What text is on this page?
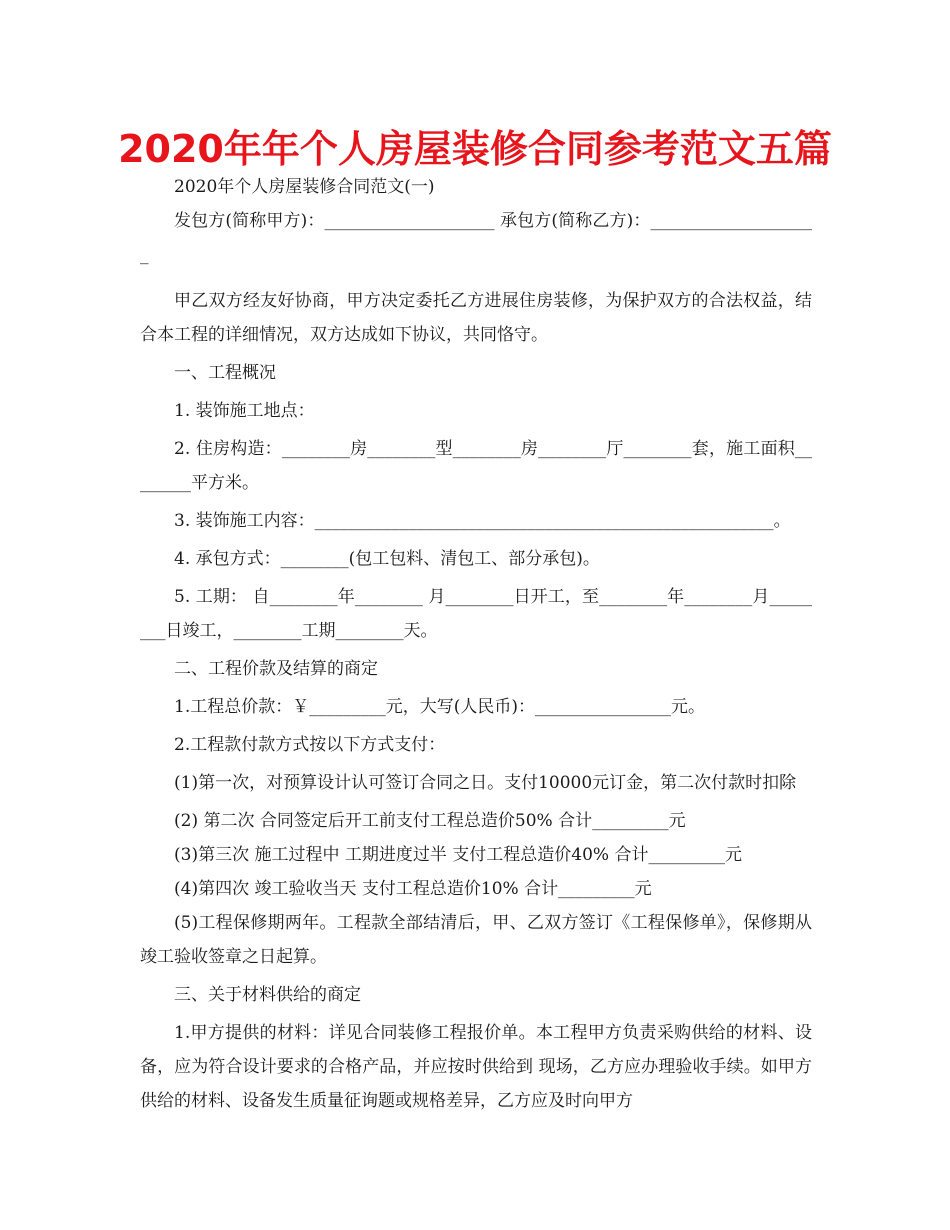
2020年年个人房屋装修合同参考范文五篇

2020年个人房屋装修合同范文(一)

发包方(简称甲方)：____________________ 承包方(简称乙方)：____________________

甲乙双方经友好协商，甲方决定委托乙方进展住房装修，为保护双方的合法权益，结合本工程的详细情况，双方达成如下协议，共同恪守。

一、工程概况

1. 装饰施工地点：

2. 住房构造：________房________型________房________厅________套，施工面积________平方米。

3. 装饰施工内容：______________________________________________________。

4. 承包方式：________(包工包料、清包工、部分承包)。

5. 工期： 自________年________ 月________日开工，至________年________月________日竣工，________工期________天。

二、工程价款及结算的商定

1.工程总价款：￥_________元，大写(人民币)：________________元。

2.工程款付款方式按以下方式支付：

(1)第一次，对预算设计认可签订合同之日。支付10000元订金，第二次付款时扣除

(2) 第二次 合同签定后开工前支付工程总造价50% 合计_________元

(3)第三次 施工过程中 工期进度过半 支付工程总造价40% 合计_________元

(4)第四次 竣工验收当天 支付工程总造价10% 合计_________元

(5)工程保修期两年。工程款全部结清后，甲、乙双方签订《工程保修单》，保修期从竣工验收签章之日起算。

三、关于材料供给的商定

1.甲方提供的材料：详见合同装修工程报价单。本工程甲方负责采购供给的材料、设备，应为符合设计要求的合格产品，并应按时供给到 现场，乙方应办理验收手续。如甲方供给的材料、设备发生质量征询题或规格差异，乙方应及时向甲方
